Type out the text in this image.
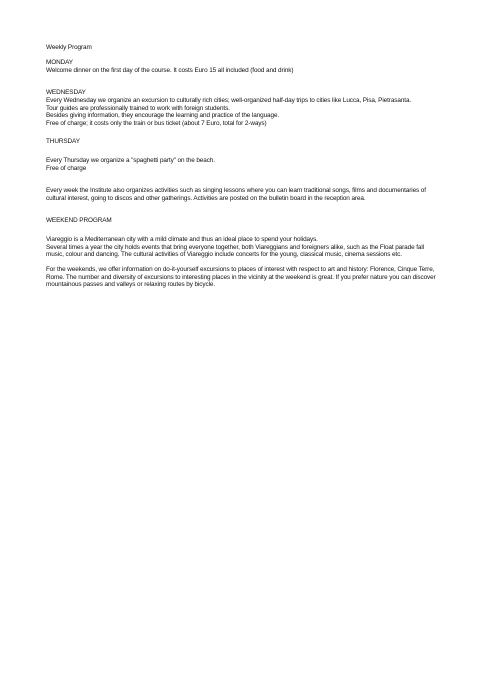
Weekly Program
MONDAY
Welcome dinner on the first day of the course. It costs Euro 15 all included (food and drink)
WEDNESDAY
Every Wednesday we organize an excursion to culturally rich cities; well-organized half-day trips to cities like Lucca, Pisa, Pietrasanta.
Tour guides are professionally trained to work with foreign students.
Besides giving information, they encourage the learning and practice of the language.
Free of charge; it costs only the train or bus ticket (about 7 Euro, total for 2-ways)
THURSDAY
Every Thursday we organize a "spaghetti party" on the beach.
Free of charge
Every week the Institute also organizes activities such as singing lessons where you can learn traditional songs, films and documentaries of cultural interest, going to discos and other gatherings. Activities are posted on the bulletin board in the reception area.
WEEKEND PROGRAM
Viareggio is a Mediterranean city with a mild climate and thus an ideal place to spend your holidays.
Several times a year the city holds events that bring everyone together, both Viareggians and foreigners alike, such as the Float parade fall music, colour and dancing. The cultural activities of Viareggio include concerts for the young, classical music, cinema sessions etc.
For the weekends, we offer information on do-it-yourself excursions to places of interest with respect to art and history: Florence, Cinque Terre, Rome. The number and diversity of excursions to interesting places in the vicinity at the weekend is great. If you prefer nature you can discover mountainous passes and valleys or relaxing routes by bicycle.
